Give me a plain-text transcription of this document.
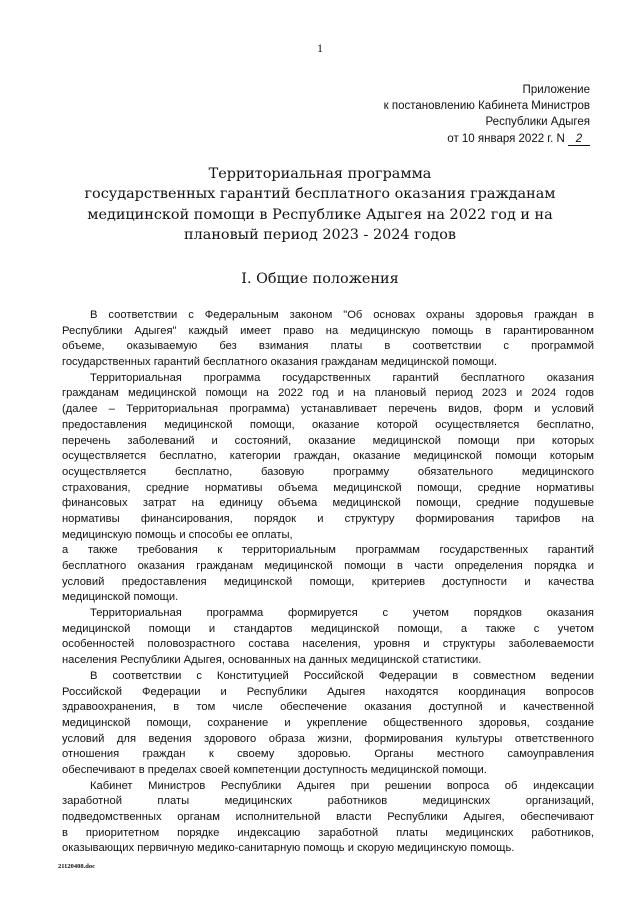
1
Приложение
к постановлению Кабинета Министров
Республики Адыгея
от 10 января 2022 г. N 2
Территориальная программа
государственных гарантий бесплатного оказания гражданам
медицинской помощи в Республике Адыгея на 2022 год и на
плановый период 2023 - 2024 годов
I. Общие положения
В соответствии с Федеральным законом "Об основах охраны здоровья граждан в
Республики Адыгея" каждый имеет право на медицинскую помощь в гарантированном
объеме, оказываемую без взимания платы в соответствии с программой
государственных гарантий бесплатного оказания гражданам медицинской помощи.
Территориальная программа государственных гарантий бесплатного оказания
гражданам медицинской помощи на 2022 год и на плановый период 2023 и 2024 годов
(далее – Территориальная программа) устанавливает перечень видов, форм и условий
предоставления медицинской помощи, оказание которой осуществляется бесплатно,
перечень заболеваний и состояний, оказание медицинской помощи при которых
осуществляется бесплатно, категории граждан, оказание медицинской помощи которым
осуществляется бесплатно, базовую программу обязательного медицинского
страхования, средние нормативы объема медицинской помощи, средние нормативы
финансовых затрат на единицу объема медицинской помощи, средние подушевые
нормативы финансирования, порядок и структуру формирования тарифов на
медицинскую помощь и способы ее оплаты,
а также требования к территориальным программам государственных гарантий
бесплатного оказания гражданам медицинской помощи в части определения порядка и
условий предоставления медицинской помощи, критериев доступности и качества
медицинской помощи.
Территориальная программа формируется с учетом порядков оказания
медицинской помощи и стандартов медицинской помощи, а также с учетом
особенностей половозрастного состава населения, уровня и структуры заболеваемости
населения Республики Адыгея, основанных на данных медицинской статистики.
В соответствии с Конституцией Российской Федерации в совместном ведении
Российской Федерации и Республики Адыгея находятся координация вопросов
здравоохранения, в том числе обеспечение оказания доступной и качественной
медицинской помощи, сохранение и укрепление общественного здоровья, создание
условий для ведения здорового образа жизни, формирования культуры ответственного
отношения граждан к своему здоровью. Органы местного самоуправления
обеспечивают в пределах своей компетенции доступность медицинской помощи.
Кабинет Министров Республики Адыгея при решении вопроса об индексации
заработной платы медицинских работников медицинских организаций,
подведомственных органам исполнительной власти Республики Адыгея, обеспечивают
в приоритетном порядке индексацию заработной платы медицинских работников,
оказывающих первичную медико-санитарную помощь и скорую медицинскую помощь.
21120408.doc
